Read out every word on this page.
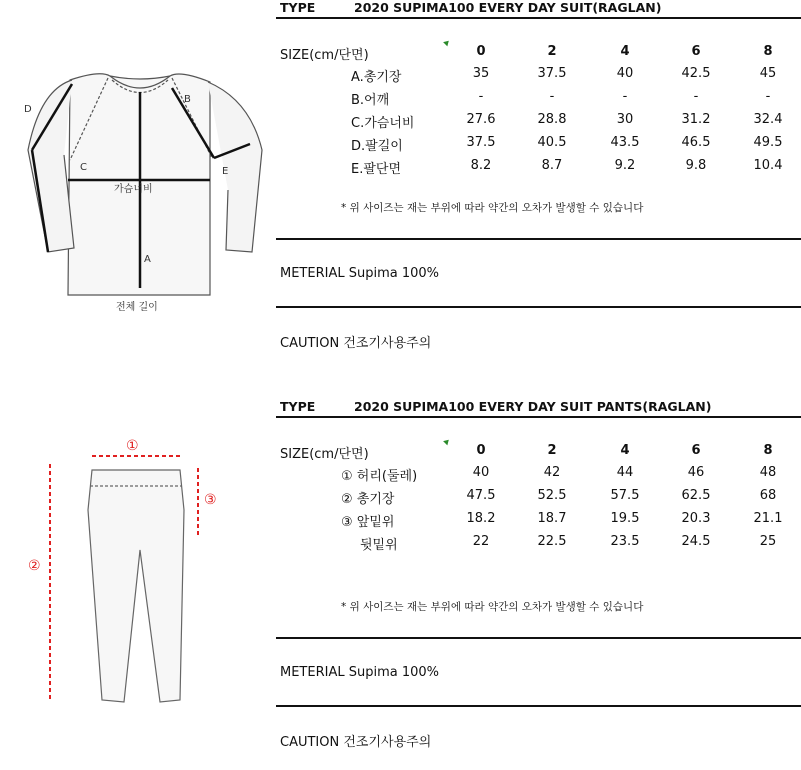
TYPE	2020 SUPIMA100 EVERY DAY SUIT(RAGLAN)
SIZE(cm/단면)	0	2	4	6	8
A.총기장	35	37.5	40	42.5	45
B.어깨	-	-	-	-	-
C.가슴너비	27.6	28.8	30	31.2	32.4
D.팔길이	37.5	40.5	43.5	46.5	49.5
E.팔단면	8.2	8.7	9.2	9.8	10.4
* 위 사이즈는 재는 부위에 따라 약간의 오차가 발생할 수 있습니다
METERIAL Supima 100%
CAUTION 건조기사용주의
A
B
C
D
E
가슴너비
전체 길이
TYPE	2020 SUPIMA100 EVERY DAY SUIT PANTS(RAGLAN)
SIZE(cm/단면)	0	2	4	6	8
① 허리(둘레)	40	42	44	46	48
② 총기장	47.5	52.5	57.5	62.5	68
③ 앞밑위	18.2	18.7	19.5	20.3	21.1
뒷밑위	22	22.5	23.5	24.5	25
* 위 사이즈는 재는 부위에 따라 약간의 오차가 발생할 수 있습니다
METERIAL Supima 100%
CAUTION 건조기사용주의
①
②
③
